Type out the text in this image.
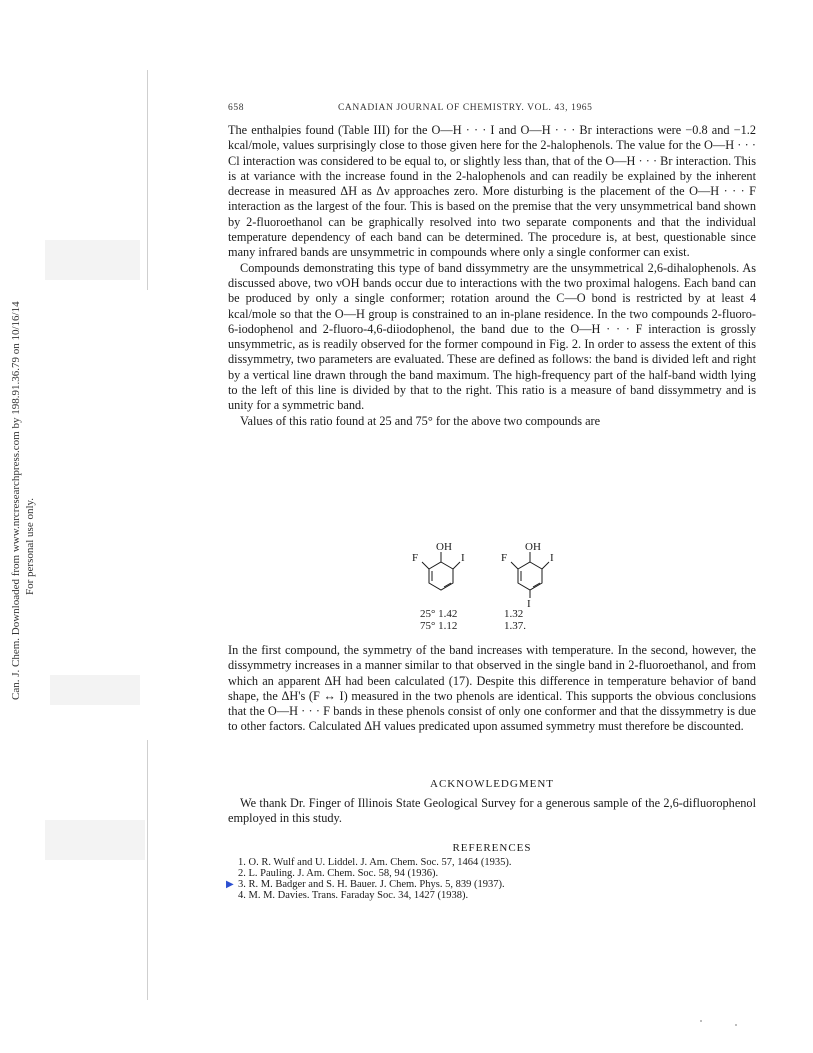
Can. J. Chem. Downloaded from www.nrcresearchpress.com by 198.91.36.79 on 10/16/14 For personal use only.
658	CANADIAN JOURNAL OF CHEMISTRY. VOL. 43, 1965

The enthalpies found (Table III) for the O—H · · · I and O—H · · · Br interactions were −0.8 and −1.2 kcal/mole, values surprisingly close to those given here for the 2-halophenols. The value for the O—H · · · Cl interaction was considered to be equal to, or slightly less than, that of the O—H · · · Br interaction. This is at variance with the increase found in the 2-halophenols and can readily be explained by the inherent decrease in measured ΔH as Δν approaches zero. More disturbing is the placement of the O—H · · · F interaction as the largest of the four. This is based on the premise that the very unsymmetrical band shown by 2-fluoroethanol can be graphically resolved into two separate components and that the individual temperature dependency of each band can be determined. The procedure is, at best, questionable since many infrared bands are unsymmetric in compounds where only a single conformer can exist.

Compounds demonstrating this type of band dissymmetry are the unsymmetrical 2,6-dihalophenols. As discussed above, two νOH bands occur due to interactions with the two proximal halogens. Each band can be produced by only a single conformer; rotation around the C—O bond is restricted by at least 4 kcal/mole so that the O—H group is constrained to an in-plane residence. In the two compounds 2-fluoro-6-iodophenol and 2-fluoro-4,6-diiodophenol, the band due to the O—H · · · F interaction is grossly unsymmetric, as is readily observed for the former compound in Fig. 2. In order to assess the extent of this dissymmetry, two parameters are evaluated. These are defined as follows: the band is divided left and right by a vertical line drawn through the band maximum. The high-frequency part of the half-band width lying to the left of this line is divided by that to the right. This ratio is a measure of band dissymmetry and is unity for a symmetric band.

Values of this ratio found at 25 and 75° for the above two compounds are

OH
F	I
OH
F	I
I
25° 1.42	1.32
75° 1.12	1.37.

In the first compound, the symmetry of the band increases with temperature. In the second, however, the dissymmetry increases in a manner similar to that observed in the single band in 2-fluoroethanol, and from which an apparent ΔH had been calculated (17). Despite this difference in temperature behavior of band shape, the ΔH's (F ↔ I) measured in the two phenols are identical. This supports the obvious conclusions that the O—H · · · F bands in these phenols consist of only one conformer and that the dissymmetry is due to other factors. Calculated ΔH values predicated upon assumed symmetry must therefore be discounted.

ACKNOWLEDGMENT

We thank Dr. Finger of Illinois State Geological Survey for a generous sample of the 2,6-difluorophenol employed in this study.

REFERENCES
1. O. R. Wulf and U. Liddel. J. Am. Chem. Soc. 57, 1464 (1935).
2. L. Pauling. J. Am. Chem. Soc. 58, 94 (1936).
▶ 3. R. M. Badger and S. H. Bauer. J. Chem. Phys. 5, 839 (1937).
4. M. M. Davies. Trans. Faraday Soc. 34, 1427 (1938).
